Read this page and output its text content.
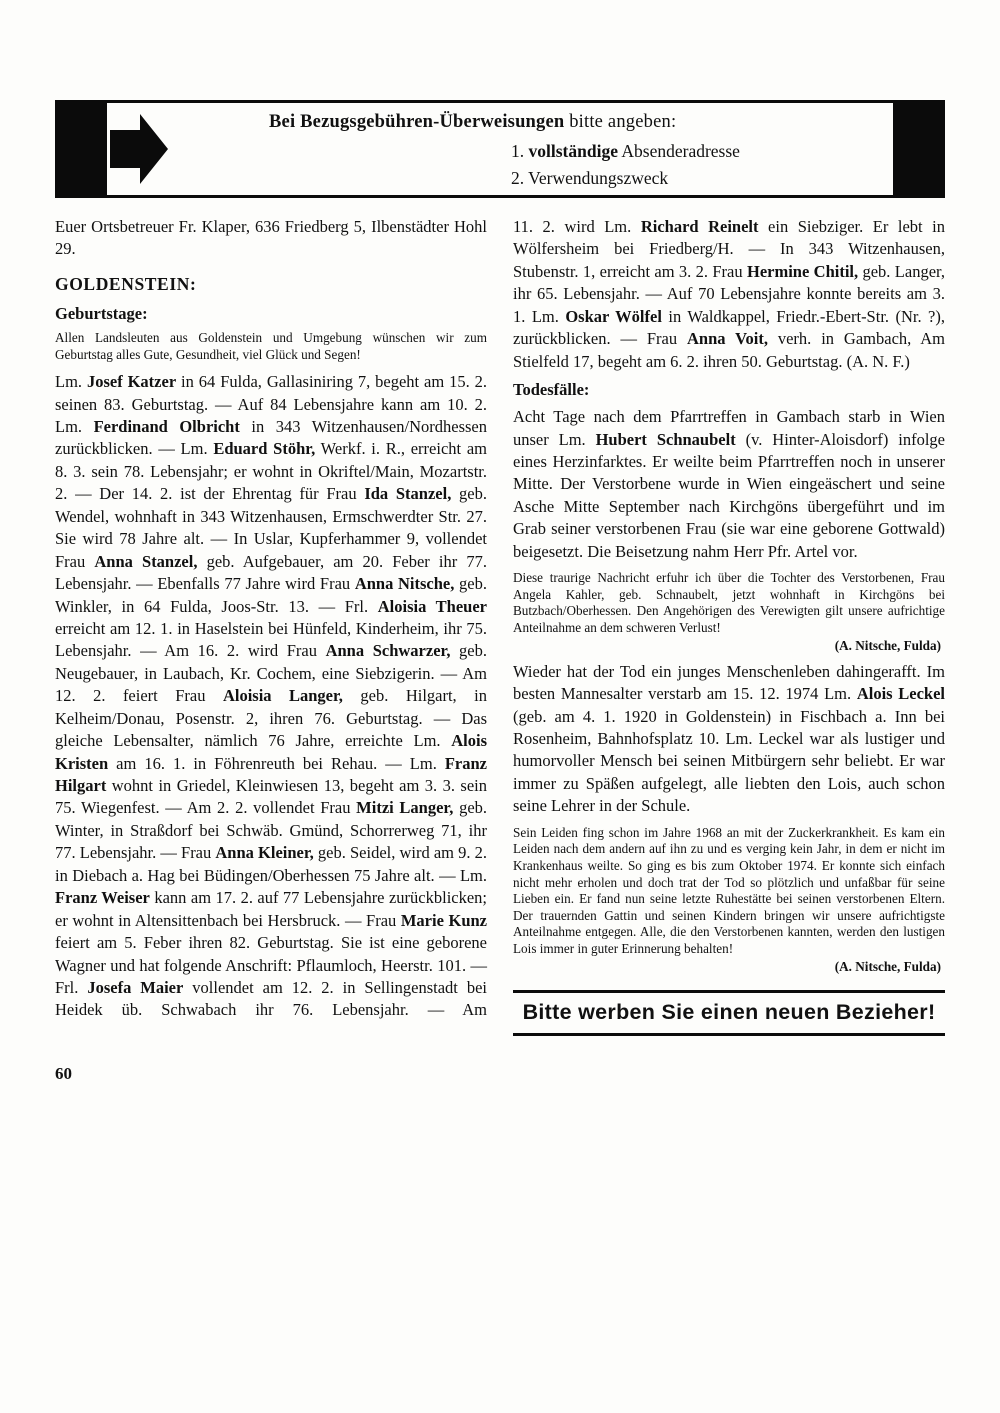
Bei Bezugsgebühren-Überweisungen bitte angeben:
1. vollständige Absenderadresse
2. Verwendungszweck

Euer Ortsbetreuer Fr. Klaper, 636 Friedberg 5, Ilbenstädter Hohl 29.

GOLDENSTEIN:
Geburtstage:

Allen Landsleuten aus Goldenstein und Umgebung wünschen wir zum Geburtstag alles Gute, Gesundheit, viel Glück und Segen!

Lm. Josef Katzer in 64 Fulda, Gallasiniring 7, begeht am 15. 2. seinen 83. Geburtstag. — Auf 84 Lebensjahre kann am 10. 2. Lm. Ferdinand Olbricht in 343 Witzenhausen/Nordhessen zurückblicken. — Lm. Eduard Stöhr, Werkf. i. R., erreicht am 8. 3. sein 78. Lebensjahr; er wohnt in Okriftel/Main, Mozartstr. 2. — Der 14. 2. ist der Ehrentag für Frau Ida Stanzel, geb. Wendel, wohnhaft in 343 Witzenhausen, Ermschwerdter Str. 27. Sie wird 78 Jahre alt. — In Uslar, Kupferhammer 9, vollendet Frau Anna Stanzel, geb. Aufgebauer, am 20. Feber ihr 77. Lebensjahr. — Ebenfalls 77 Jahre wird Frau Anna Nitsche, geb. Winkler, in 64 Fulda, Joos-Str. 13. — Frl. Aloisia Theuer erreicht am 12. 1. in Haselstein bei Hünfeld, Kinderheim, ihr 75. Lebensjahr. — Am 16. 2. wird Frau Anna Schwarzer, geb. Neugebauer, in Laubach, Kr. Cochem, eine Siebzigerin. — Am 12. 2. feiert Frau Aloisia Langer, geb. Hilgart, in Kelheim/Donau, Posenstr. 2, ihren 76. Geburtstag. — Das gleiche Lebensalter, nämlich 76 Jahre, erreichte Lm. Alois Kristen am 16. 1. in Föhrenreuth bei Rehau. — Lm. Franz Hilgart wohnt in Griedel, Kleinwiesen 13, begeht am 3. 3. sein 75. Wiegenfest. — Am 2. 2. vollendet Frau Mitzi Langer, geb. Winter, in Straßdorf bei Schwäb. Gmünd, Schorrerweg 71, ihr 77. Lebensjahr. — Frau Anna Kleiner, geb. Seidel, wird am 9. 2. in Diebach a. Hag bei Büdingen/Oberhessen 75 Jahre alt. — Lm. Franz Weiser kann am 17. 2. auf 77 Lebensjahre zurückblicken; er wohnt in Altensittenbach bei Hersbruck. — Frau Marie Kunz feiert am 5. Feber ihren 82. Geburtstag. Sie ist eine geborene Wagner und hat folgende Anschrift: Pflaumloch, Heerstr. 101. — Frl. Josefa Maier vollendet am 12. 2. in Sellingenstadt bei Heidek üb. Schwabach ihr 76. Lebensjahr. — Am

11. 2. wird Lm. Richard Reinelt ein Siebziger. Er lebt in Wölfersheim bei Friedberg/H. — In 343 Witzenhausen, Stubenstr. 1, erreicht am 3. 2. Frau Hermine Chitil, geb. Langer, ihr 65. Lebensjahr. — Auf 70 Lebensjahre konnte bereits am 3. 1. Lm. Oskar Wölfel in Waldkappel, Friedr.-Ebert-Str. (Nr. ?), zurückblicken. — Frau Anna Voit, verh. in Gambach, Am Stielfeld 17, begeht am 6. 2. ihren 50. Geburtstag. (A. N. F.)

Todesfälle:

Acht Tage nach dem Pfarrtreffen in Gambach starb in Wien unser Lm. Hubert Schnaubelt (v. Hinter-Aloisdorf) infolge eines Herzinfarktes. Er weilte beim Pfarrtreffen noch in unserer Mitte. Der Verstorbene wurde in Wien eingeäschert und seine Asche Mitte September nach Kirchgöns übergeführt und im Grab seiner verstorbenen Frau (sie war eine geborene Gottwald) beigesetzt. Die Beisetzung nahm Herr Pfr. Artel vor.

Diese traurige Nachricht erfuhr ich über die Tochter des Verstorbenen, Frau Angela Kahler, geb. Schnaubelt, jetzt wohnhaft in Kirchgöns bei Butzbach/Oberhessen. Den Angehörigen des Verewigten gilt unsere aufrichtige Anteilnahme an dem schweren Verlust!

(A. Nitsche, Fulda)

Wieder hat der Tod ein junges Menschenleben dahingerafft. Im besten Mannesalter verstarb am 15. 12. 1974 Lm. Alois Leckel (geb. am 4. 1. 1920 in Goldenstein) in Fischbach a. Inn bei Rosenheim, Bahnhofsplatz 10. Lm. Leckel war als lustiger und humorvoller Mensch bei seinen Mitbürgern sehr beliebt. Er war immer zu Späßen aufgelegt, alle liebten den Lois, auch schon seine Lehrer in der Schule.

Sein Leiden fing schon im Jahre 1968 an mit der Zuckerkrankheit. Es kam ein Leiden nach dem andern auf ihn zu und es verging kein Jahr, in dem er nicht im Krankenhaus weilte. So ging es bis zum Oktober 1974. Er konnte sich einfach nicht mehr erholen und doch trat der Tod so plötzlich und unfaßbar für seine Lieben ein. Er fand nun seine letzte Ruhestätte bei seinen verstorbenen Eltern. Der trauernden Gattin und seinen Kindern bringen wir unsere aufrichtigste Anteilnahme entgegen. Alle, die den Verstorbenen kannten, werden den lustigen Lois immer in guter Erinnerung behalten!

(A. Nitsche, Fulda)
Bitte werben Sie einen neuen Bezieher!
60
